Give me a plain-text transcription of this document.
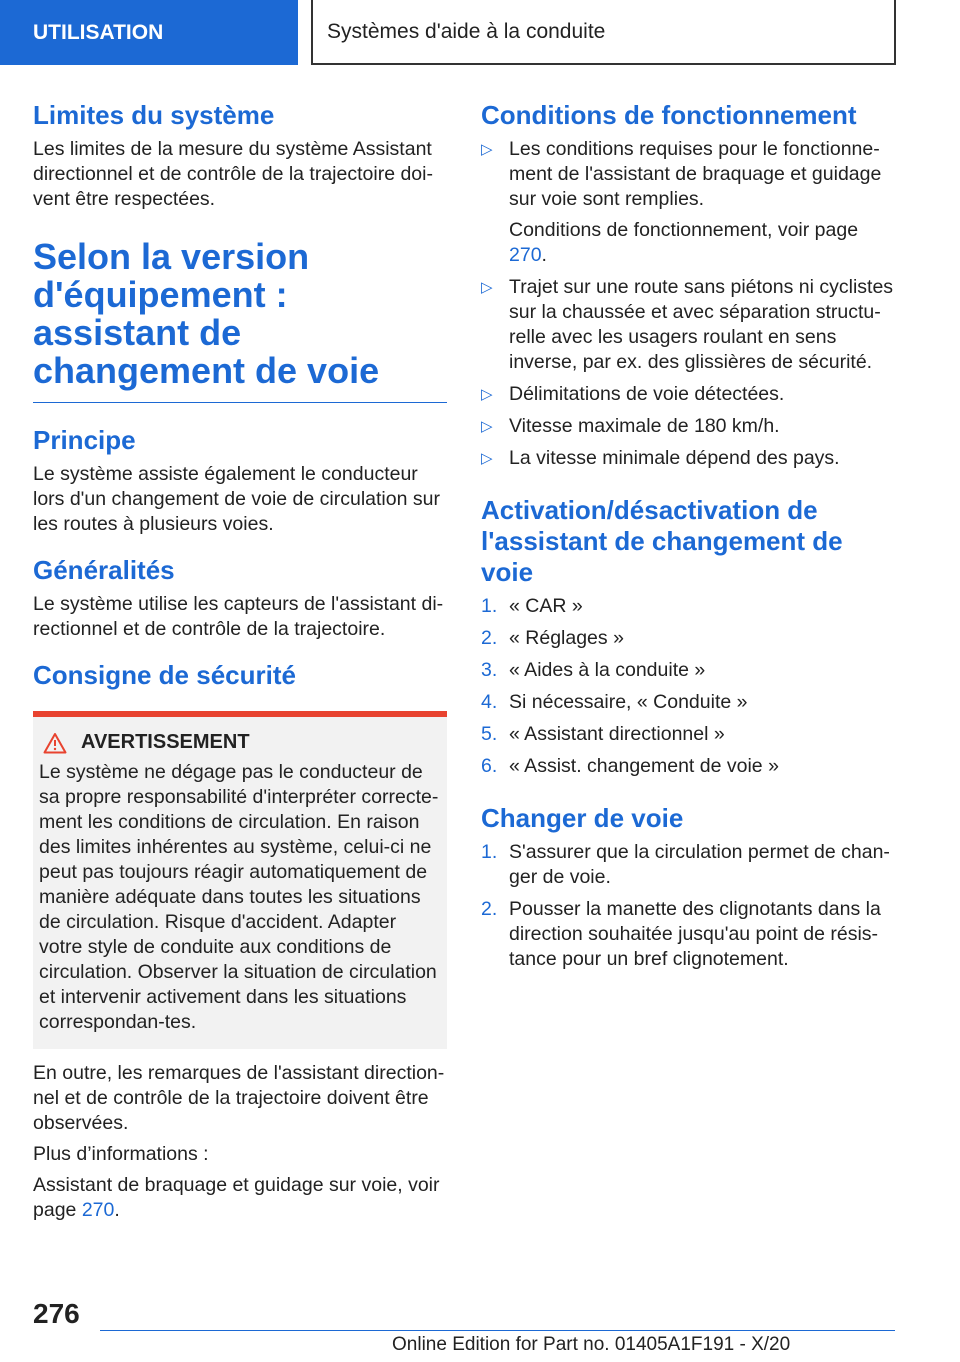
UTILISATION	Systèmes d'aide à la conduite
Limites du système

Les limites de la mesure du système Assistant directionnel et de contrôle de la trajectoire doi-vent être respectées.

Selon la version d'équipement : assistant de changement de voie
Principe

Le système assiste également le conducteur lors d'un changement de voie de circulation sur les routes à plusieurs voies.

Généralités

Le système utilise les capteurs de l'assistant di-rectionnel et de contrôle de la trajectoire.

Consigne de sécurité
AVERTISSEMENT

Le système ne dégage pas le conducteur de sa propre responsabilité d'interpréter correcte-ment les conditions de circulation. En raison des limites inhérentes au système, celui-ci ne peut pas toujours réagir automatiquement de manière adéquate dans toutes les situations de circulation. Risque d'accident. Adapter votre style de conduite aux conditions de circulation. Observer la situation de circulation et intervenir activement dans les situations correspondan-tes.

En outre, les remarques de l'assistant direction-nel et de contrôle de la trajectoire doivent être observées.

Plus d’informations :

Assistant de braquage et guidage sur voie, voir page 270.

Conditions de fonctionnement
▷ Les conditions requises pour le fonctionne-ment de l'assistant de braquage et guidage sur voie sont remplies.
Conditions de fonctionnement, voir page 270.
▷ Trajet sur une route sans piétons ni cyclistes sur la chaussée et avec séparation structu-relle avec les usagers roulant en sens inverse, par ex. des glissières de sécurité.
▷ Délimitations de voie détectées.
▷ Vitesse maximale de 180 km/h.
▷ La vitesse minimale dépend des pays.
Activation/désactivation de l'assistant de changement de voie
1. « CAR »
2. « Réglages »
3. « Aides à la conduite »
4. Si nécessaire, « Conduite »
5. « Assistant directionnel »
6. « Assist. changement de voie »
Changer de voie
1. S'assurer que la circulation permet de chan-ger de voie.
2. Pousser la manette des clignotants dans la direction souhaitée jusqu'au point de résis-tance pour un bref clignotement.
276
Online Edition for Part no. 01405A1F191 - X/20
